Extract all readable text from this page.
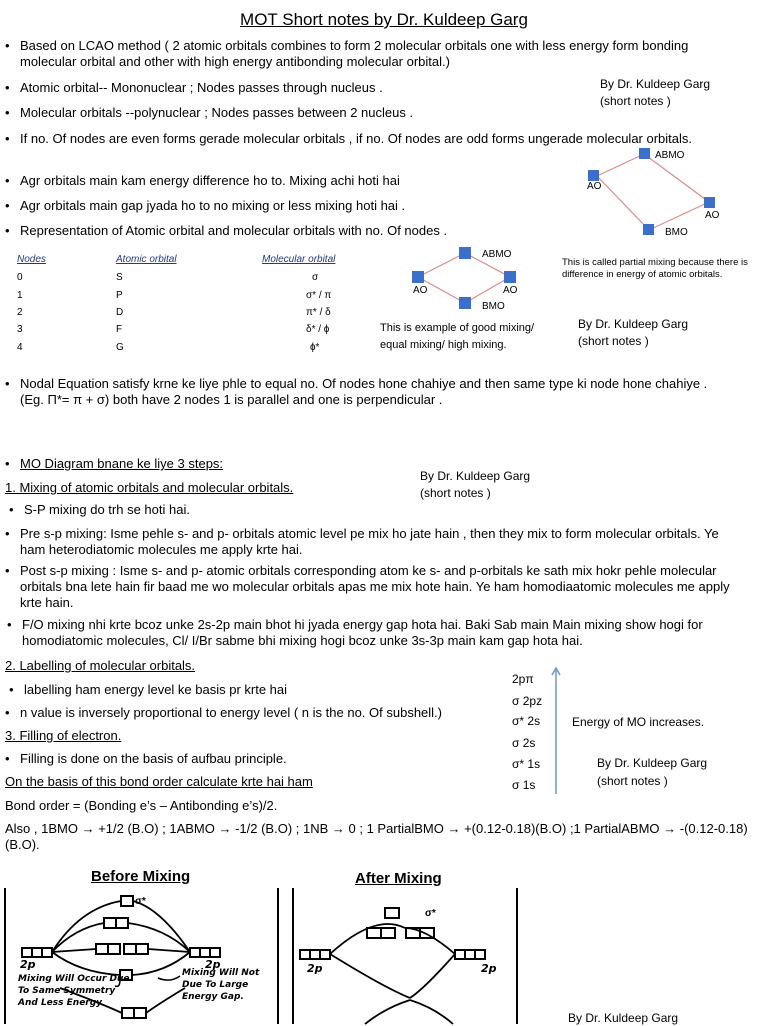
MOT Short notes by Dr. Kuldeep Garg
• Based on LCAO method ( 2 atomic orbitals combines to form 2 molecular orbitals one with less energy form bonding molecular orbital and other with high energy antibonding molecular orbital.)
• Atomic orbital-- Mononuclear ; Nodes passes through nucleus .
• Molecular orbitals --polynuclear ; Nodes passes between 2 nucleus .
• If no. Of nodes are even forms gerade molecular orbitals , if no. Of nodes are odd forms ungerade molecular orbitals.
• Agr orbitals main kam energy difference ho to. Mixing achi hoti hai
• Agr orbitals main gap jyada ho to no mixing or less mixing hoti hai .
• Representation of Atomic orbital and molecular orbitals with no. Of nodes .
By Dr. Kuldeep Garg
(short notes )
ABMO
AO
AO
BMO
This is called partial mixing because there is difference in energy of atomic orbitals.
Nodes	Atomic orbital	Molecular orbital
0	S	σ
1	P	σ* / π
2	D	π* / δ
3	F	δ* / ɸ
4	G	ɸ*
ABMO
AO	AO
BMO
This is example of good mixing/
equal mixing/ high mixing.
By Dr. Kuldeep Garg
(short notes )
• Nodal Equation satisfy krne ke liye phle to equal no. Of nodes hone chahiye and then same type ki node hone chahiye . (Eg. Π*= π + σ) both have 2 nodes 1 is parallel and one is perpendicular .
• MO Diagram bnane ke liye 3 steps:
1. Mixing of atomic orbitals and molecular orbitals.
By Dr. Kuldeep Garg
(short notes )
• S-P mixing do trh se hoti hai.
• Pre s-p mixing: Isme pehle s- and p- orbitals atomic level pe mix ho jate hain , then they mix to form molecular orbitals. Ye ham heterodiatomic molecules me apply krte hai.
• Post s-p mixing : Isme s- and p- atomic orbitals corresponding atom ke s- and p-orbitals ke sath mix hokr pehle molecular orbitals bna lete hain fir baad me wo molecular orbitals apas me mix hote hain. Ye ham homodiaatomic molecules me apply krte hain.
• F/O mixing nhi krte bcoz unke 2s-2p main bhot hi jyada energy gap hota hai. Baki Sab main Main mixing show hogi for homodiatomic molecules, Cl/ I/Br sabme bhi mixing hogi bcoz unke 3s-3p main kam gap hota hai.
2. Labelling of molecular orbitals.
• labelling ham energy level ke basis pr krte hai
• n value is inversely proportional to energy level ( n is the no. Of subshell.)
3. Filling of electron.
• Filling is done on the basis of aufbau principle.
2pπ
σ 2pz
σ* 2s
σ 2s
σ* 1s
σ 1s
Energy of MO increases.
By Dr. Kuldeep Garg
(short notes )
On the basis of this bond order calculate krte hai ham
Bond order = (Bonding e’s – Antibonding e’s)/2.
Also , 1BMO → +1/2 (B.O) ; 1ABMO → -1/2 (B.O) ; 1NB → 0 ; 1 PartialBMO → +(0.12-0.18)(B.O) ;1 PartialABMO → -(0.12-0.18)(B.O).
Before Mixing	After Mixing
σ*
2p	2p
Mixing Will Occur Due To Same Symmetry And Less Energy
Mixing Will Not Due To Large Energy Gap.
σ*
2p	2p
By Dr. Kuldeep Garg
